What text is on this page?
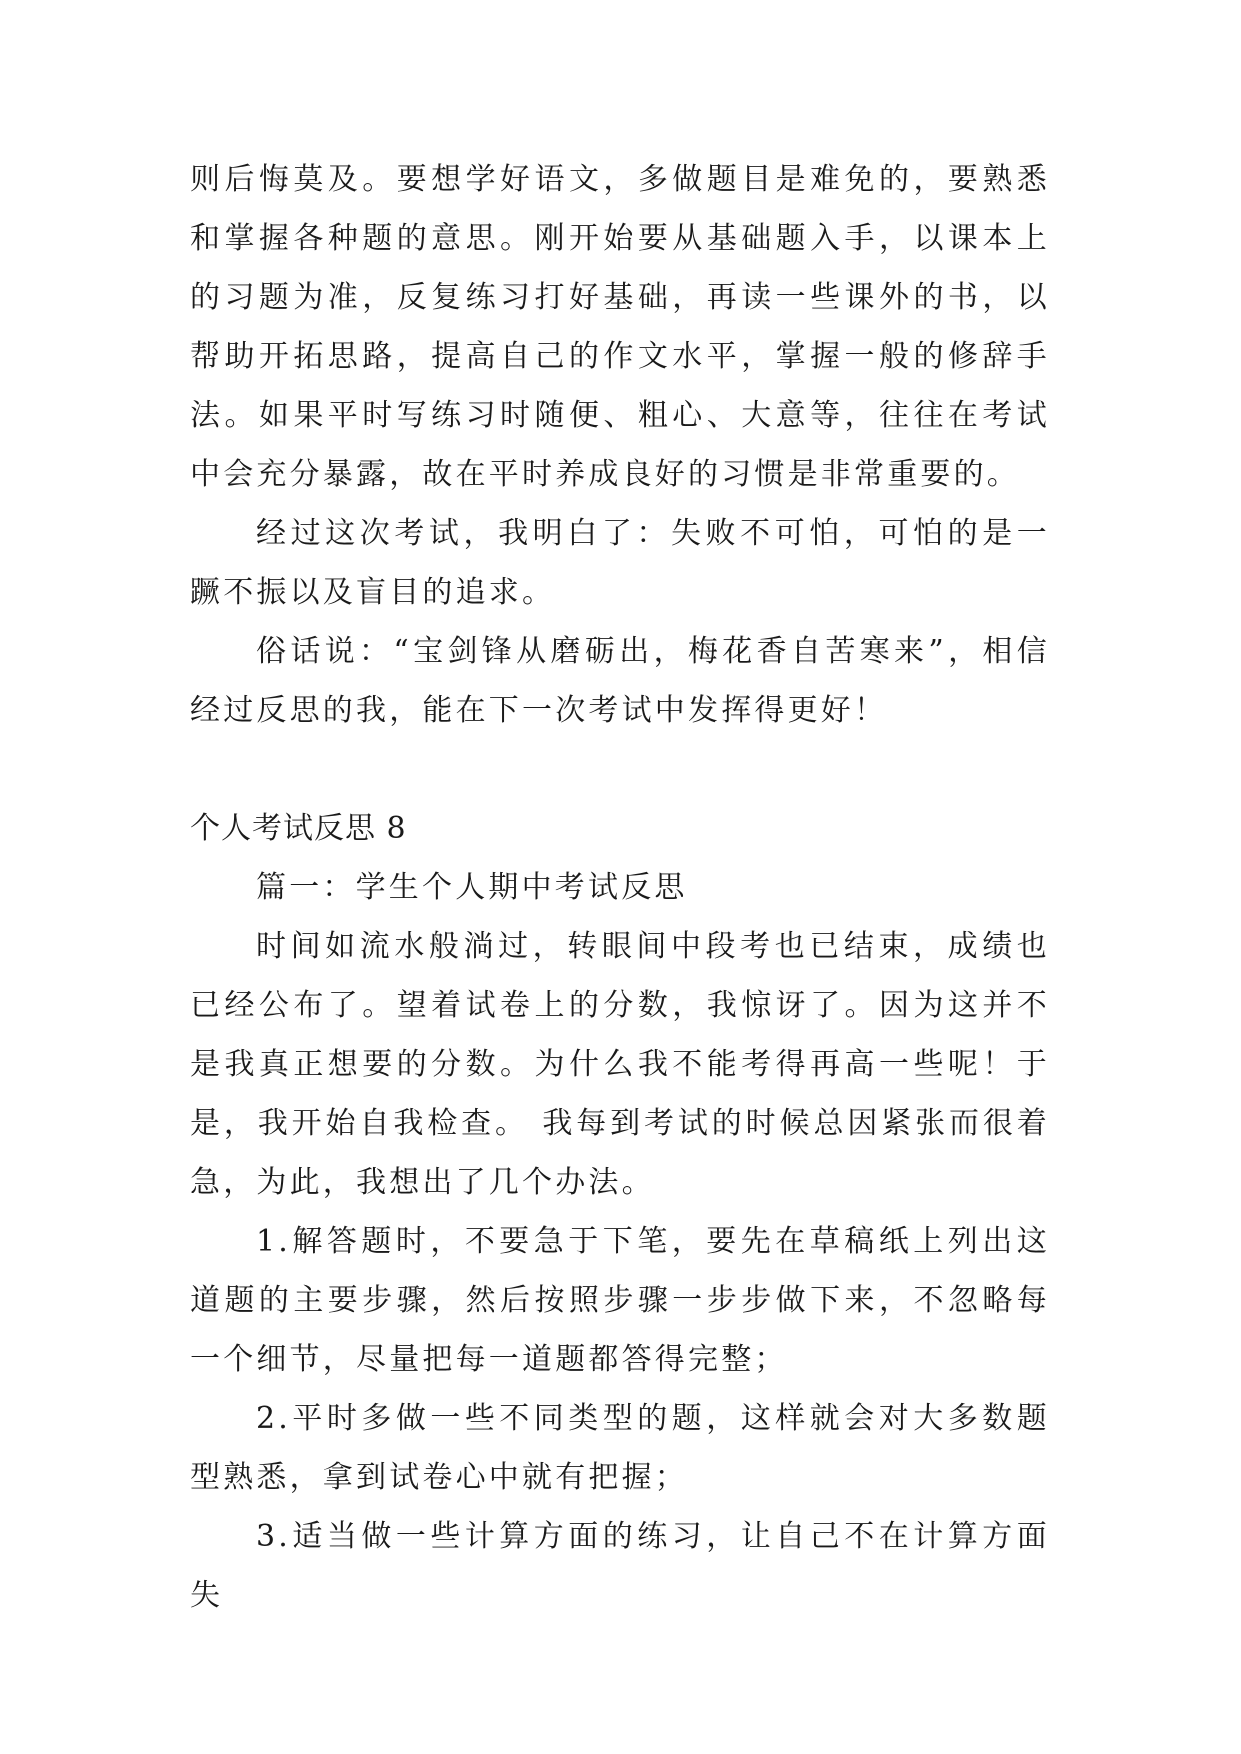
则后悔莫及。要想学好语文，多做题目是难免的，要熟悉和掌握各种题的意思。刚开始要从基础题入手，以课本上的习题为准，反复练习打好基础，再读一些课外的书，以帮助开拓思路，提高自己的作文水平，掌握一般的修辞手法。如果平时写练习时随便、粗心、大意等，往往在考试中会充分暴露，故在平时养成良好的习惯是非常重要的。

经过这次考试，我明白了：失败不可怕，可怕的是一蹶不振以及盲目的追求。

俗话说：“宝剑锋从磨砺出，梅花香自苦寒来”，相信经过反思的我，能在下一次考试中发挥得更好！

个人考试反思 8

篇一：学生个人期中考试反思

时间如流水般淌过，转眼间中段考也已结束，成绩也已经公布了。望着试卷上的分数，我惊讶了。因为这并不是我真正想要的分数。为什么我不能考得再高一些呢！于是，我开始自我检查。 我每到考试的时候总因紧张而很着急，为此，我想出了几个办法。

1.解答题时，不要急于下笔，要先在草稿纸上列出这道题的主要步骤，然后按照步骤一步步做下来，不忽略每一个细节，尽量把每一道题都答得完整；

2.平时多做一些不同类型的题，这样就会对大多数题型熟悉，拿到试卷心中就有把握；

3.适当做一些计算方面的练习，让自己不在计算方面失
